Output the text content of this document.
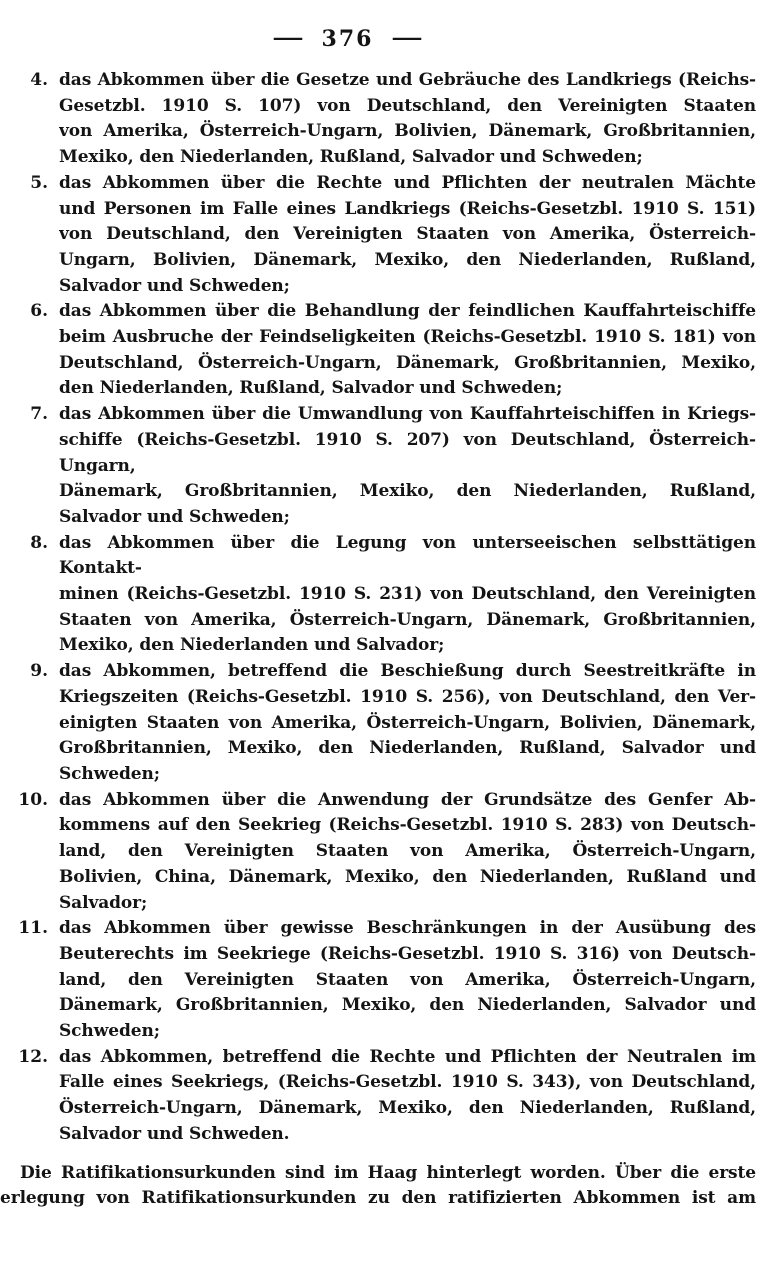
— 376 —
4. das Abkommen über die Gesetze und Gebräuche des Landkriegs (Reichs-
Gesetzbl. 1910 S. 107) von Deutschland, den Vereinigten Staaten
von Amerika, Österreich-Ungarn, Bolivien, Dänemark, Großbritannien,
Mexiko, den Niederlanden, Rußland, Salvador und Schweden;
5. das Abkommen über die Rechte und Pflichten der neutralen Mächte
und Personen im Falle eines Landkriegs (Reichs-Gesetzbl. 1910 S. 151)
von Deutschland, den Vereinigten Staaten von Amerika, Österreich-
Ungarn, Bolivien, Dänemark, Mexiko, den Niederlanden, Rußland,
Salvador und Schweden;
6. das Abkommen über die Behandlung der feindlichen Kauffahrteischiffe
beim Ausbruche der Feindseligkeiten (Reichs-Gesetzbl. 1910 S. 181) von
Deutschland, Österreich-Ungarn, Dänemark, Großbritannien, Mexiko,
den Niederlanden, Rußland, Salvador und Schweden;
7. das Abkommen über die Umwandlung von Kauffahrteischiffen in Kriegs-
schiffe (Reichs-Gesetzbl. 1910 S. 207) von Deutschland, Österreich-Ungarn,
Dänemark, Großbritannien, Mexiko, den Niederlanden, Rußland,
Salvador und Schweden;
8. das Abkommen über die Legung von unterseeischen selbsttätigen Kontakt-
minen (Reichs-Gesetzbl. 1910 S. 231) von Deutschland, den Vereinigten
Staaten von Amerika, Österreich-Ungarn, Dänemark, Großbritannien,
Mexiko, den Niederlanden und Salvador;
9. das Abkommen, betreffend die Beschießung durch Seestreitkräfte in
Kriegszeiten (Reichs-Gesetzbl. 1910 S. 256), von Deutschland, den Ver-
einigten Staaten von Amerika, Österreich-Ungarn, Bolivien, Dänemark,
Großbritannien, Mexiko, den Niederlanden, Rußland, Salvador und
Schweden;
10. das Abkommen über die Anwendung der Grundsätze des Genfer Ab-
kommens auf den Seekrieg (Reichs-Gesetzbl. 1910 S. 283) von Deutsch-
land, den Vereinigten Staaten von Amerika, Österreich-Ungarn,
Bolivien, China, Dänemark, Mexiko, den Niederlanden, Rußland und
Salvador;
11. das Abkommen über gewisse Beschränkungen in der Ausübung des
Beuterechts im Seekriege (Reichs-Gesetzbl. 1910 S. 316) von Deutsch-
land, den Vereinigten Staaten von Amerika, Österreich-Ungarn,
Dänemark, Großbritannien, Mexiko, den Niederlanden, Salvador und
Schweden;
12. das Abkommen, betreffend die Rechte und Pflichten der Neutralen im
Falle eines Seekriegs, (Reichs-Gesetzbl. 1910 S. 343), von Deutschland,
Österreich-Ungarn, Dänemark, Mexiko, den Niederlanden, Rußland,
Salvador und Schweden.
Die Ratifikationsurkunden sind im Haag hinterlegt worden. Über die erste
erlegung von Ratifikationsurkunden zu den ratifizierten Abkommen ist am
